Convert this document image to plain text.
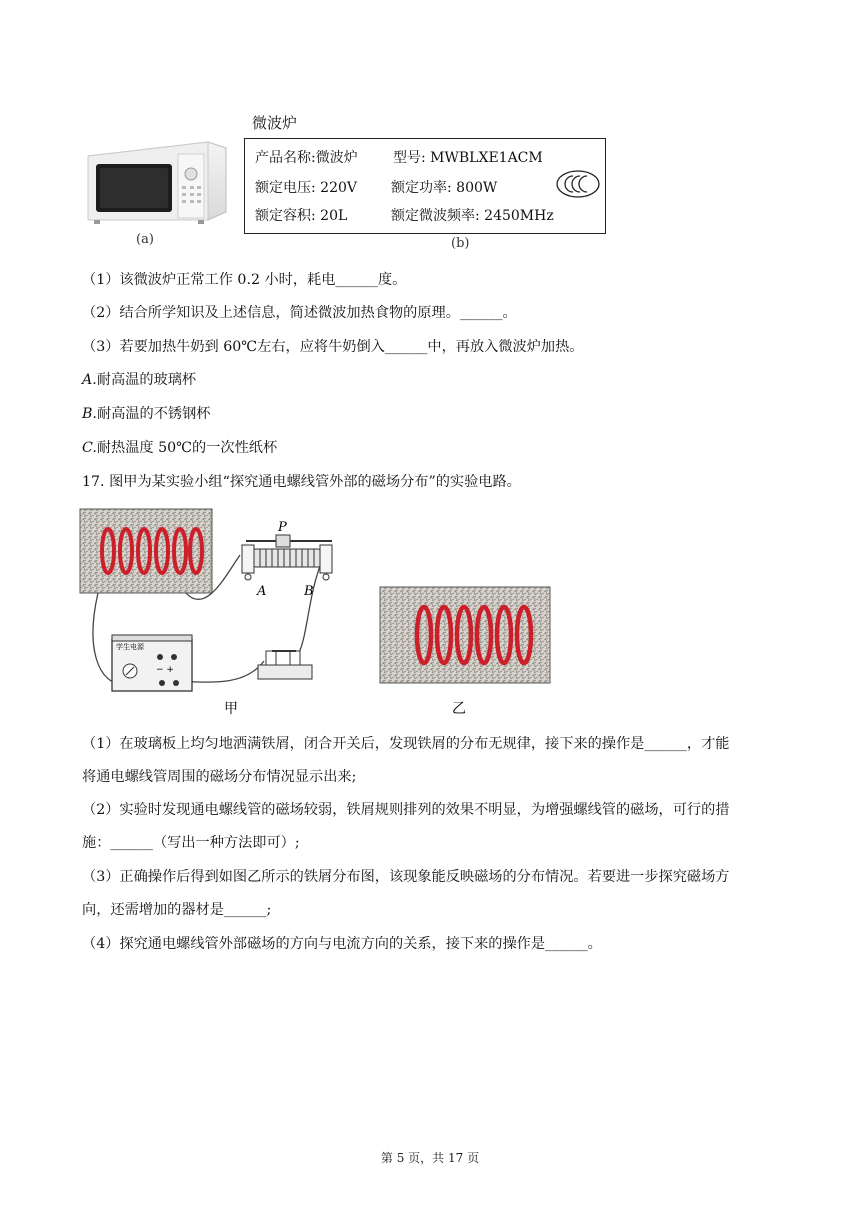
(a)
微波炉
产品名称:微波炉	型号: MWBLXE1ACM
额定电压: 220V 额定功率: 800W
额定容积: 20L	额定微波频率: 2450MHz
(b)
（1）该微波炉正常工作 0.2 小时，耗电______度。
（2）结合所学知识及上述信息，简述微波加热食物的原理。______。
（3）若要加热牛奶到 60℃左右，应将牛奶倒入______中，再放入微波炉加热。
A.耐高温的玻璃杯
B.耐高温的不锈钢杯
C.耐热温度 50℃的一次性纸杯
17. 图甲为某实验小组“探究通电螺线管外部的磁场分布”的实验电路。
P
A	B
− +
学生电源
甲	乙
（1）在玻璃板上均匀地洒满铁屑，闭合开关后，发现铁屑的分布无规律，接下来的操作是______，才能
将通电螺线管周围的磁场分布情况显示出来;
（2）实验时发现通电螺线管的磁场较弱，铁屑规则排列的效果不明显，为增强螺线管的磁场，可行的措
施：______（写出一种方法即可）;
（3）正确操作后得到如图乙所示的铁屑分布图，该现象能反映磁场的分布情况。若要进一步探究磁场方
向，还需增加的器材是______;
（4）探究通电螺线管外部磁场的方向与电流方向的关系，接下来的操作是______。
第 5 页，共 17 页
